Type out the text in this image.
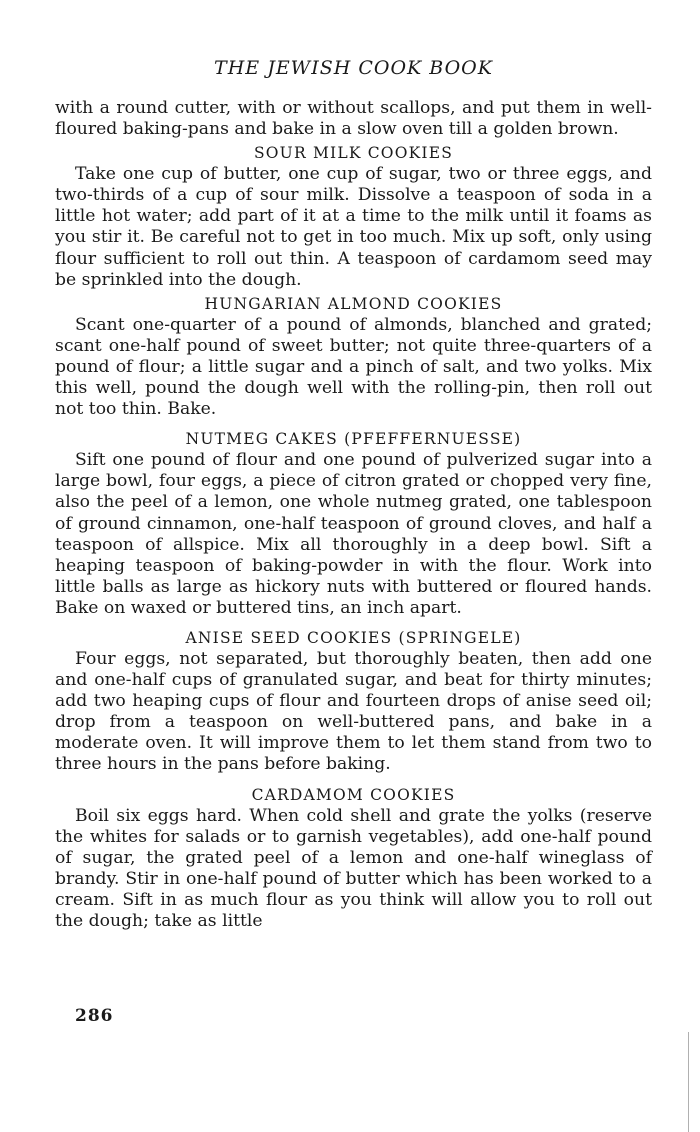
THE JEWISH COOK BOOK

with a round cutter, with or without scallops, and put them in well-floured baking-pans and bake in a slow oven till a golden brown.

SOUR MILK COOKIES

Take one cup of butter, one cup of sugar, two or three eggs, and two-thirds of a cup of sour milk. Dissolve a teaspoon of soda in a little hot water; add part of it at a time to the milk until it foams as you stir it. Be careful not to get in too much. Mix up soft, only using flour sufficient to roll out thin. A teaspoon of cardamom seed may be sprinkled into the dough.

HUNGARIAN ALMOND COOKIES

Scant one-quarter of a pound of almonds, blanched and grated; scant one-half pound of sweet butter; not quite three-quarters of a pound of flour; a little sugar and a pinch of salt, and two yolks. Mix this well, pound the dough well with the rolling-pin, then roll out not too thin. Bake.

NUTMEG CAKES (PFEFFERNUESSE)

Sift one pound of flour and one pound of pulverized sugar into a large bowl, four eggs, a piece of citron grated or chopped very fine, also the peel of a lemon, one whole nutmeg grated, one tablespoon of ground cinnamon, one-half teaspoon of ground cloves, and half a teaspoon of allspice. Mix all thoroughly in a deep bowl. Sift a heaping teaspoon of baking-powder in with the flour. Work into little balls as large as hickory nuts with buttered or floured hands. Bake on waxed or buttered tins, an inch apart.

ANISE SEED COOKIES (SPRINGELE)

Four eggs, not separated, but thoroughly beaten, then add one and one-half cups of granulated sugar, and beat for thirty minutes; add two heaping cups of flour and fourteen drops of anise seed oil; drop from a teaspoon on well-buttered pans, and bake in a moderate oven. It will improve them to let them stand from two to three hours in the pans before baking.

CARDAMOM COOKIES

Boil six eggs hard. When cold shell and grate the yolks (reserve the whites for salads or to garnish vegetables), add one-half pound of sugar, the grated peel of a lemon and one-half wineglass of brandy. Stir in one-half pound of butter which has been worked to a cream. Sift in as much flour as you think will allow you to roll out the dough; take as little

286
